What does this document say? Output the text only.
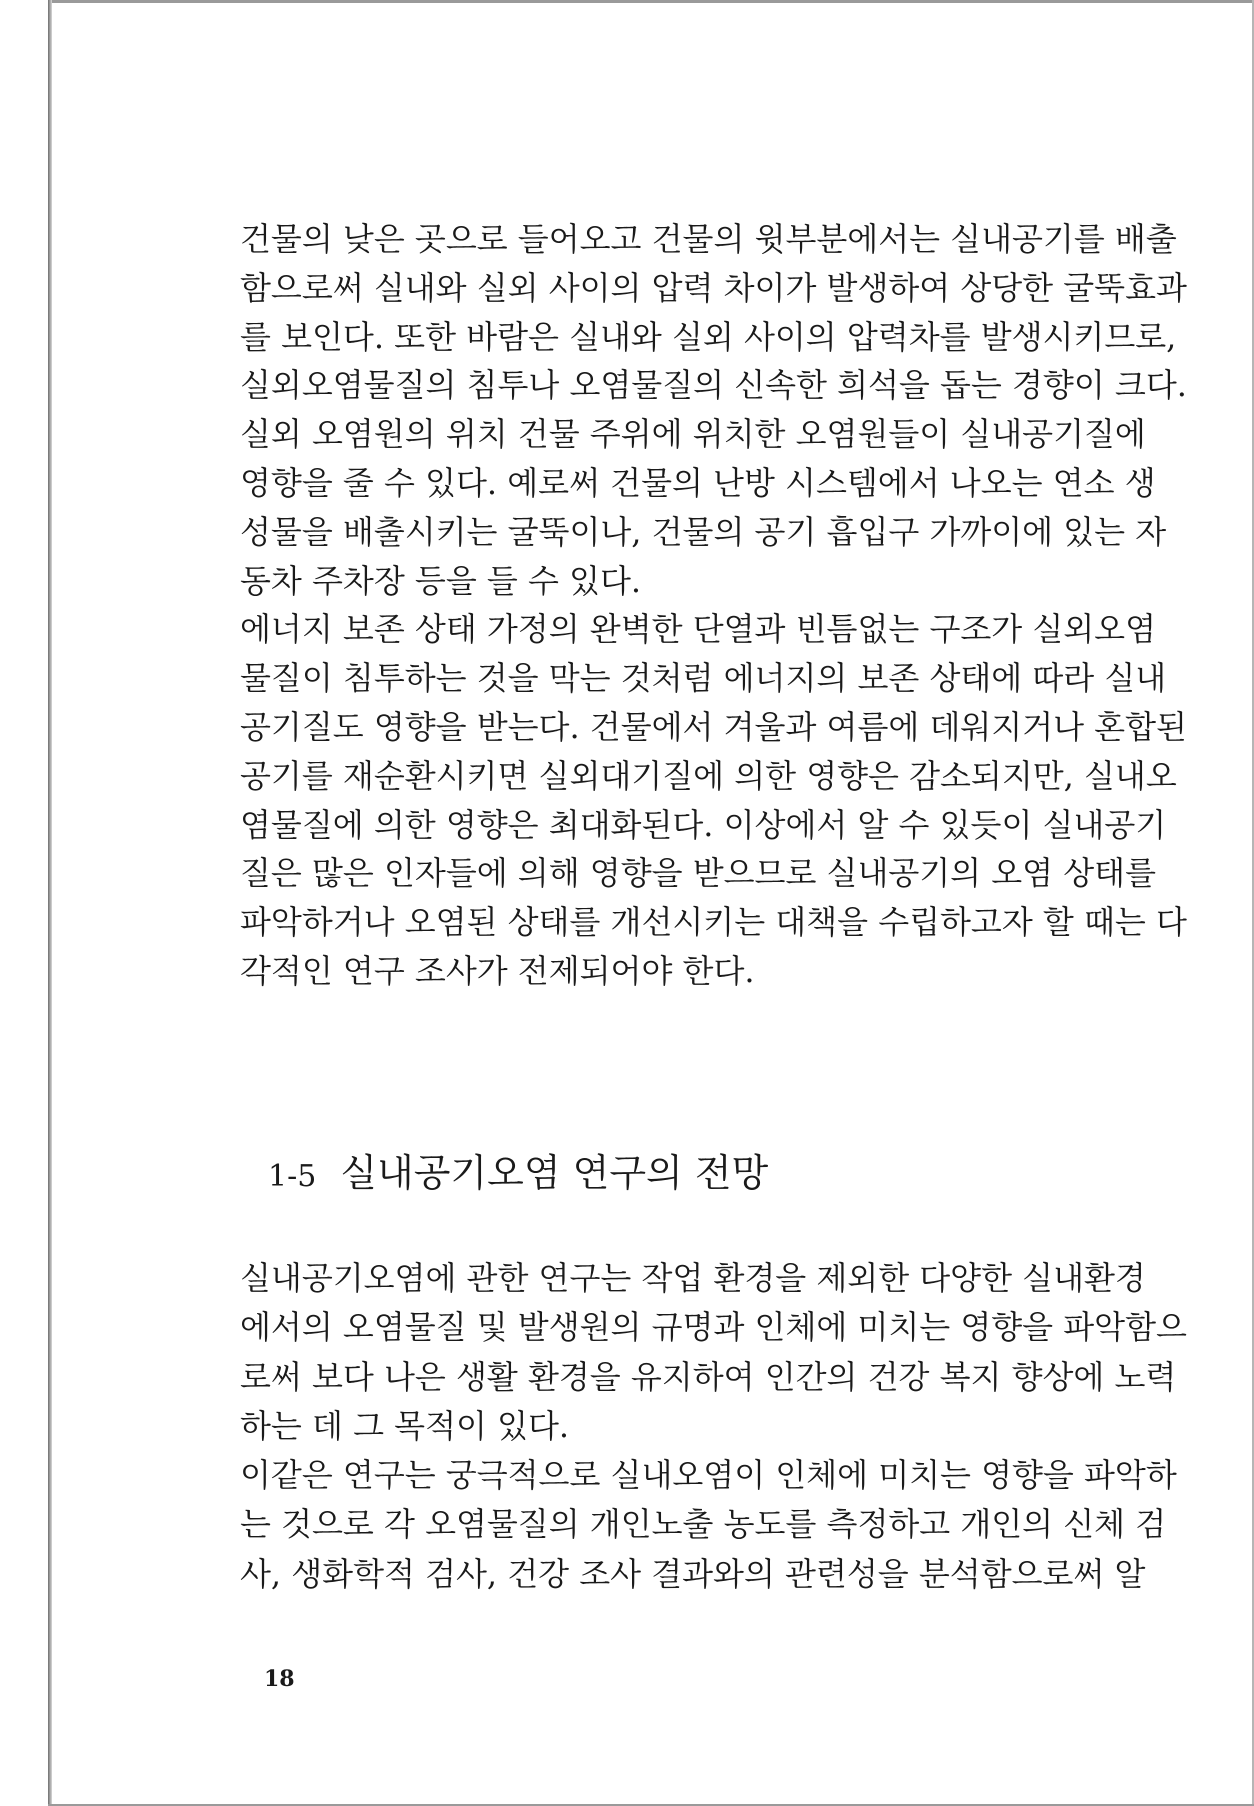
건물의 낮은 곳으로 들어오고 건물의 윗부분에서는 실내공기를 배출
함으로써 실내와 실외 사이의 압력 차이가 발생하여 상당한 굴뚝효과
를 보인다. 또한 바람은 실내와 실외 사이의 압력차를 발생시키므로,
실외오염물질의 침투나 오염물질의 신속한 희석을 돕는 경향이 크다.
실외 오염원의 위치 건물 주위에 위치한 오염원들이 실내공기질에
영향을 줄 수 있다. 예로써 건물의 난방 시스템에서 나오는 연소 생
성물을 배출시키는 굴뚝이나, 건물의 공기 흡입구 가까이에 있는 자
동차 주차장 등을 들 수 있다.
에너지 보존 상태 가정의 완벽한 단열과 빈틈없는 구조가 실외오염
물질이 침투하는 것을 막는 것처럼 에너지의 보존 상태에 따라 실내
공기질도 영향을 받는다. 건물에서 겨울과 여름에 데워지거나 혼합된
공기를 재순환시키면 실외대기질에 의한 영향은 감소되지만, 실내오
염물질에 의한 영향은 최대화된다. 이상에서 알 수 있듯이 실내공기
질은 많은 인자들에 의해 영향을 받으므로 실내공기의 오염 상태를
파악하거나 오염된 상태를 개선시키는 대책을 수립하고자 할 때는 다
각적인 연구 조사가 전제되어야 한다.
1-5 실내공기오염 연구의 전망
실내공기오염에 관한 연구는 작업 환경을 제외한 다양한 실내환경
에서의 오염물질 및 발생원의 규명과 인체에 미치는 영향을 파악함으
로써 보다 나은 생활 환경을 유지하여 인간의 건강 복지 향상에 노력
하는 데 그 목적이 있다.
이같은 연구는 궁극적으로 실내오염이 인체에 미치는 영향을 파악하
는 것으로 각 오염물질의 개인노출 농도를 측정하고 개인의 신체 검
사, 생화학적 검사, 건강 조사 결과와의 관련성을 분석함으로써 알
18
